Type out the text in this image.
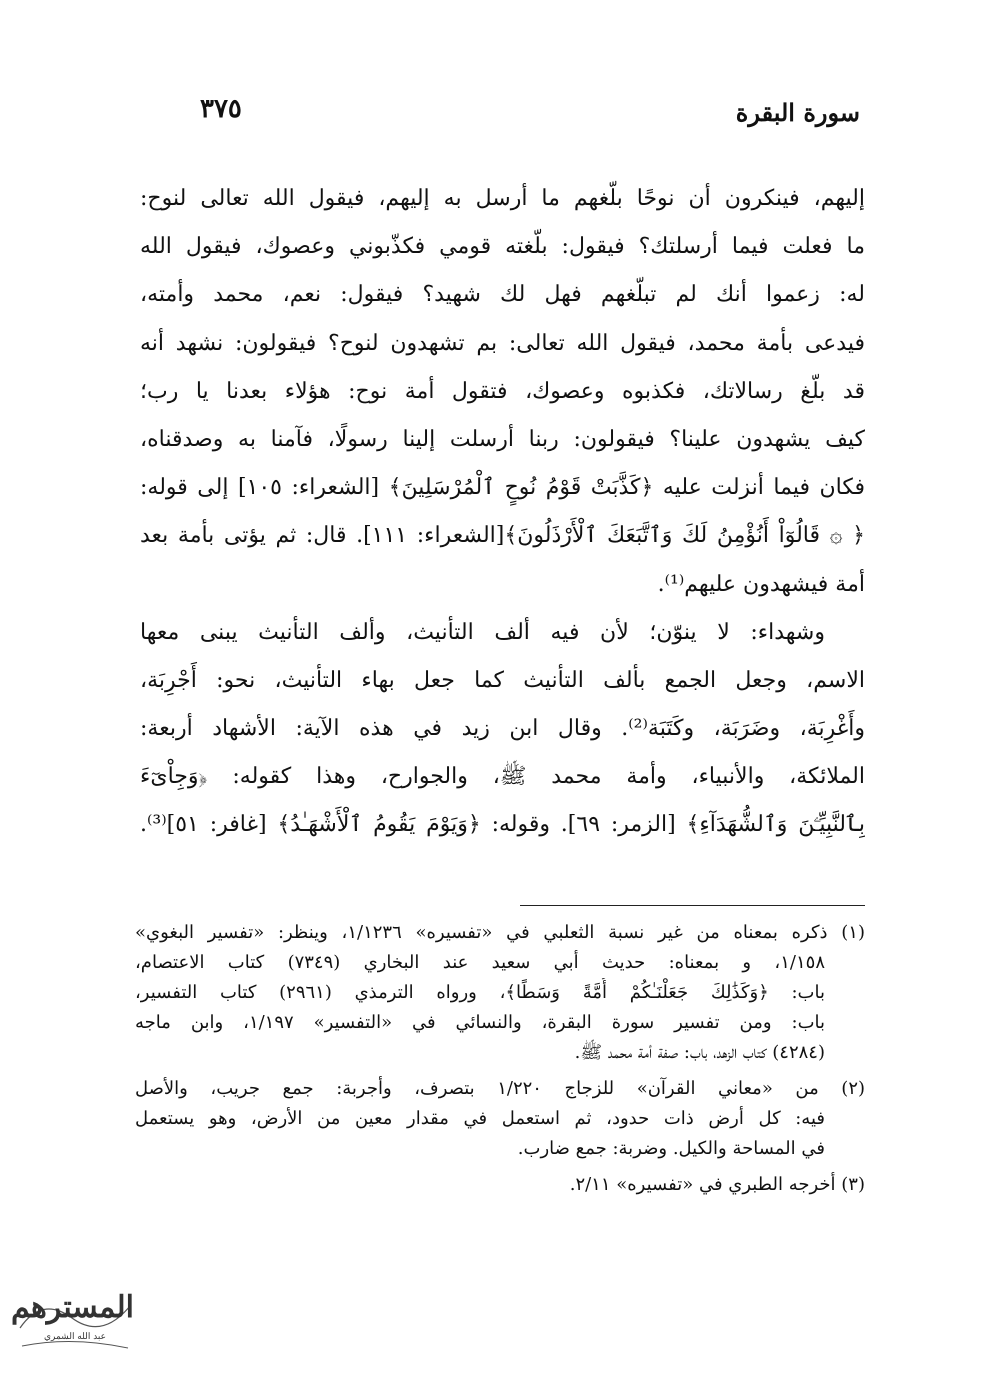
سورة البقرة
٣٧٥
إليهم، فينكرون أن نوحًا بلّغهم ما أرسل به إليهم، فيقول الله تعالى لنوح:
ما فعلت فيما أرسلتك؟ فيقول: بلّغته قومي فكذّبوني وعصوك، فيقول الله
له: زعموا أنك لم تبلّغهم فهل لك شهيد؟ فيقول: نعم، محمد وأمته،
فيدعى بأمة محمد، فيقول الله تعالى: بم تشهدون لنوح؟ فيقولون: نشهد أنه
قد بلّغ رسالاتك، فكذبوه وعصوك، فتقول أمة نوح: هؤلاء بعدنا يا رب؛
كيف يشهدون علينا؟ فيقولون: ربنا أرسلت إلينا رسولًا، فآمنا به وصدقناه،
فكان فيما أنزلت عليه ﴿كَذَّبَتْ قَوْمُ نُوحٍ ٱلْمُرْسَلِينَ﴾ [الشعراء: ١٠٥] إلى قوله:
﴿ ۞ قَالُوٓاْ أَنُؤْمِنُ لَكَ وَٱتَّبَعَكَ ٱلْأَرْذَلُونَ﴾[الشعراء: ١١١]. قال: ثم يؤتى بأمة بعد
أمة فيشهدون عليهم⁽¹⁾.
وشهداء: لا ينوّن؛ لأن فيه ألف التأنيث، وألف التأنيث يبنى معها
الاسم، وجعل الجمع بألف التأنيث كما جعل بهاء التأنيث، نحو: أَجْرِبَة،
وأَغْرِبَة، وضَرَبَة، وكَتَبَة⁽²⁾. وقال ابن زيد في هذه الآية: الأشهاد أربعة:
الملائكة، والأنبياء، وأمة محمد ﷺ، والجوارح، وهذا كقوله: ﴿وَجِاْىٓءَ
بِٱلنَّبِيِّـۧنَ وَٱلشُّهَدَآءِ﴾ [الزمر: ٦٩]. وقوله: ﴿وَيَوْمَ يَقُومُ ٱلْأَشْهَـٰدُ﴾ [غافر: ٥١]⁽³⁾.
(١) ذكره بمعناه من غير نسبة الثعلبي في «تفسيره» ١/١٢٣٦، وينظر: «تفسير البغوي»
١/١٥٨، و بمعناه: حديث أبي سعيد عند البخاري (٧٣٤٩) كتاب الاعتصام،
باب: ﴿وَكَذَٰلِكَ جَعَلْنَـٰكُمْ أُمَّةً وَسَطًا﴾، ورواه الترمذي (٢٩٦١) كتاب التفسير،
باب: ومن تفسير سورة البقرة، والنسائي في «التفسير» ١/١٩٧، وابن ماجه
(٤٢٨٤) كتاب الزهد، باب: صفة أمة محمد ﷺ.
(٢) من «معاني القرآن» للزجاج ١/٢٢٠ بتصرف، وأجربة: جمع جريب، والأصل
فيه: كل أرض ذات حدود، ثم استعمل في مقدار معين من الأرض، وهو يستعمل
في المساحة والكيل. وضربة: جمع ضارب.
(٣) أخرجه الطبري في «تفسيره» ٢/١١.
المسترهم
عبد الله الشمري
